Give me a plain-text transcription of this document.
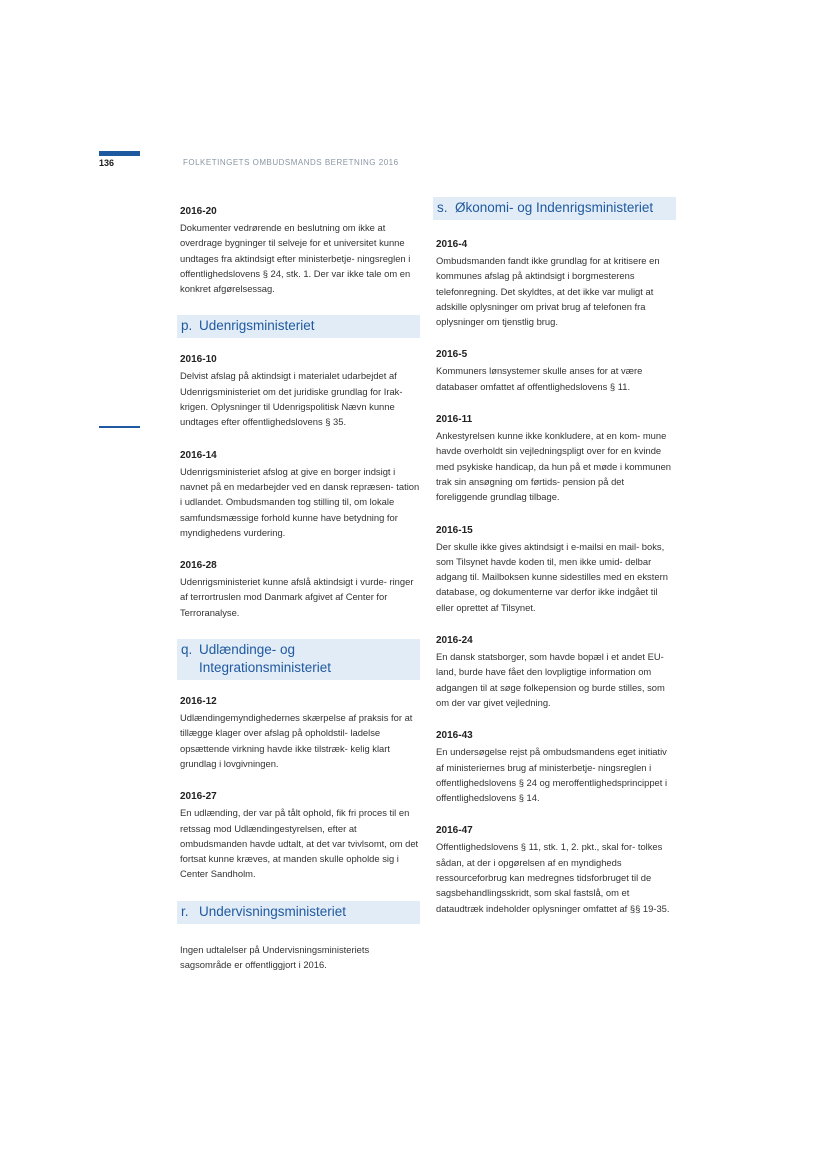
136	FOLKETINGETS OMBUDSMANDS BERETNING 2016
2016-20

Dokumenter vedrørende en beslutning om ikke at overdrage bygninger til selveje for et universitet kunne undtages fra aktindsigt efter ministerbetje- ningsreglen i offentlighedslovens § 24, stk. 1. Der var ikke tale om en konkret afgørelsessag.

p. Udenrigsministeriet
2016-10

Delvist afslag på aktindsigt i materialet udarbejdet af Udenrigsministeriet om det juridiske grundlag for Irak-krigen. Oplysninger til Udenrigspolitisk Nævn kunne undtages efter offentlighedslovens § 35.

2016-14

Udenrigsministeriet afslog at give en borger indsigt i navnet på en medarbejder ved en dansk repræsen- tation i udlandet. Ombudsmanden tog stilling til, om lokale samfundsmæssige forhold kunne have betydning for myndighedens vurdering.

2016-28

Udenrigsministeriet kunne afslå aktindsigt i vurde- ringer af terrortruslen mod Danmark afgivet af Center for Terroranalyse.

q. Udlændinge- og Integrationsministeriet
2016-12

Udlændingemyndighedernes skærpelse af praksis for at tillægge klager over afslag på opholdstil- ladelse opsættende virkning havde ikke tilstræk- kelig klart grundlag i lovgivningen.

2016-27

En udlænding, der var på tålt ophold, fik fri proces til en retssag mod Udlændingestyrelsen, efter at ombudsmanden havde udtalt, at det var tvivlsomt, om det fortsat kunne kræves, at manden skulle opholde sig i Center Sandholm.

r. Undervisningsministeriet

Ingen udtalelser på Undervisningsministeriets sagsområde er offentliggjort i 2016.

s. Økonomi- og Indenrigsministeriet
2016-4

Ombudsmanden fandt ikke grundlag for at kritisere en kommunes afslag på aktindsigt i borgmesterens telefonregning. Det skyldtes, at det ikke var muligt at adskille oplysninger om privat brug af telefonen fra oplysninger om tjenstlig brug.

2016-5

Kommuners lønsystemer skulle anses for at være databaser omfattet af offentlighedslovens § 11.

2016-11

Ankestyrelsen kunne ikke konkludere, at en kom- mune havde overholdt sin vejledningspligt over for en kvinde med psykiske handicap, da hun på et møde i kommunen trak sin ansøgning om førtids- pension på det foreliggende grundlag tilbage.

2016-15

Der skulle ikke gives aktindsigt i e-mailsi en mail- boks, som Tilsynet havde koden til, men ikke umid- delbar adgang til. Mailboksen kunne sidestilles med en ekstern database, og dokumenterne var derfor ikke indgået til eller oprettet af Tilsynet.

2016-24

En dansk statsborger, som havde bopæl i et andet EU-land, burde have fået den lovpligtige information om adgangen til at søge folkepension og burde stilles, som om der var givet vejledning.

2016-43

En undersøgelse rejst på ombudsmandens eget initiativ af ministeriernes brug af ministerbetje- ningsreglen i offentlighedslovens § 24 og meroffentlighedsprincippet i offentlighedslovens § 14.

2016-47

Offentlighedslovens § 11, stk. 1, 2. pkt., skal for- tolkes sådan, at der i opgørelsen af en myndigheds ressourceforbrug kan medregnes tidsforbruget til de sagsbehandlingsskridt, som skal fastslå, om et dataudtræk indeholder oplysninger omfattet af §§ 19-35.
